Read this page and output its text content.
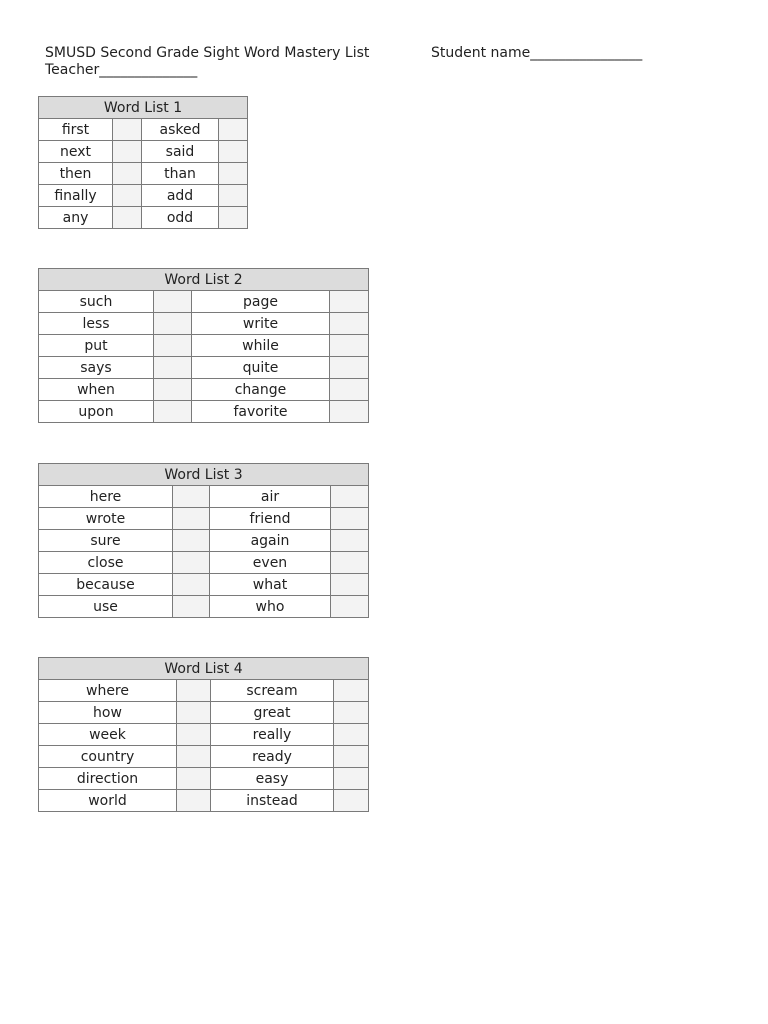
SMUSD Second Grade Sight Word Mastery List
Teacher______________
Student name________________
Word List 1			
first		asked	
next		said	
then		than	
finally		add	
any		odd	
Word List 2			
such		page	
less		write	
put		while	
says		quite	
when		change	
upon		favorite	
Word List 3			
here		air	
wrote		friend	
sure		again	
close		even	
because		what	
use		who	
Word List 4			
where		scream	
how		great	
week		really	
country		ready	
direction		easy	
world		instead	
